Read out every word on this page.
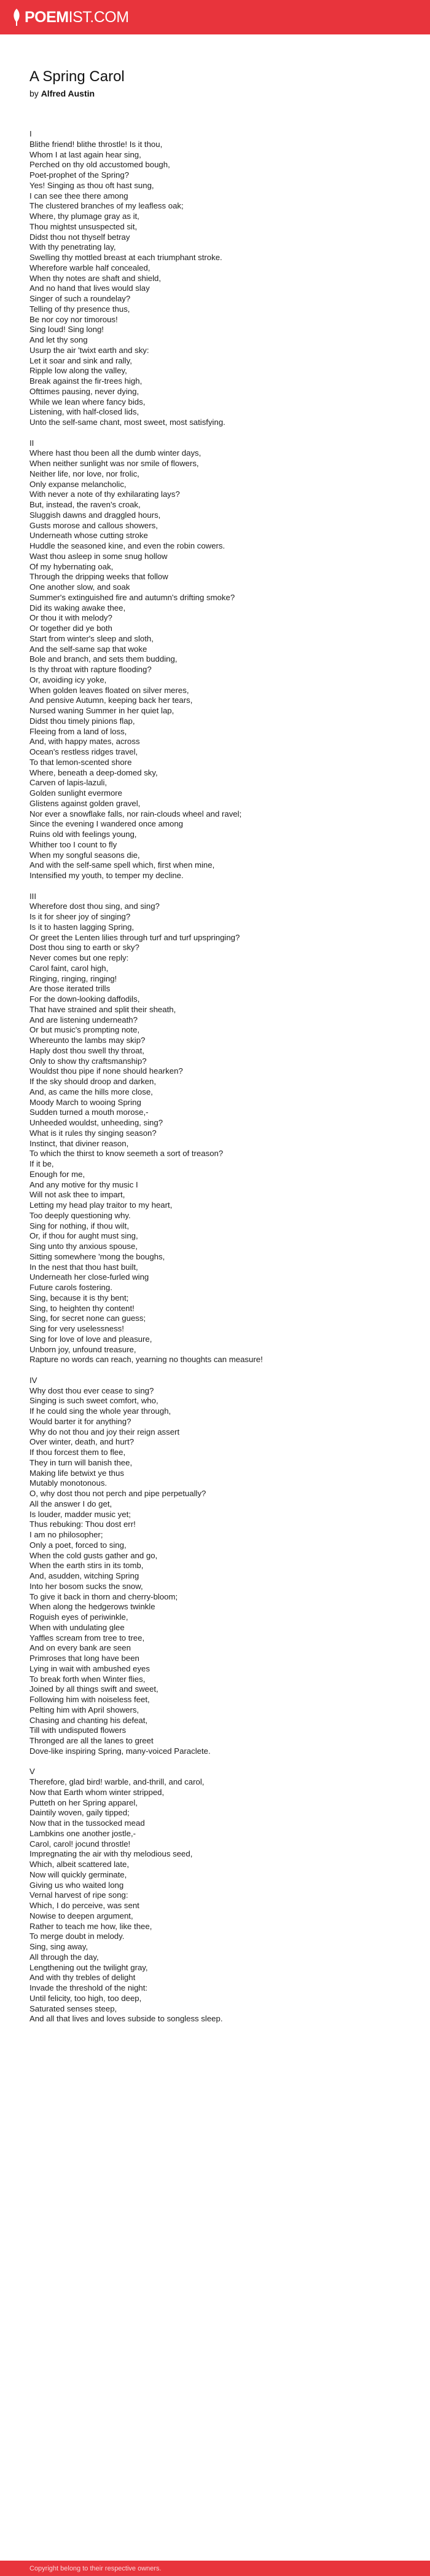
POEM IST.COM
A Spring Carol
by Alfred Austin
I
Blithe friend! blithe throstle! Is it thou,
Whom I at last again hear sing,
Perched on thy old accustomed bough,
Poet-prophet of the Spring?
Yes! Singing as thou oft hast sung,
I can see thee there among
The clustered branches of my leafless oak;
Where, thy plumage gray as it,
Thou mightst unsuspected sit,
Didst thou not thyself betray
With thy penetrating lay,
Swelling thy mottled breast at each triumphant stroke.
Wherefore warble half concealed,
When thy notes are shaft and shield,
And no hand that lives would slay
Singer of such a roundelay?
Telling of thy presence thus,
Be nor coy nor timorous!
Sing loud! Sing long!
And let thy song
Usurp the air 'twixt earth and sky:
Let it soar and sink and rally,
Ripple low along the valley,
Break against the fir-trees high,
Ofttimes pausing, never dying,
While we lean where fancy bids,
Listening, with half-closed lids,
Unto the self-same chant, most sweet, most satisfying.
II
Where hast thou been all the dumb winter days,
When neither sunlight was nor smile of flowers,
Neither life, nor love, nor frolic,
Only expanse melancholic,
With never a note of thy exhilarating lays?
But, instead, the raven's croak,
Sluggish dawns and draggled hours,
Gusts morose and callous showers,
Underneath whose cutting stroke
Huddle the seasoned kine, and even the robin cowers.
Wast thou asleep in some snug hollow
Of my hybernating oak,
Through the dripping weeks that follow
One another slow, and soak
Summer's extinguished fire and autumn's drifting smoke?
Did its waking awake thee,
Or thou it with melody?
Or together did ye both
Start from winter's sleep and sloth,
And the self-same sap that woke
Bole and branch, and sets them budding,
Is thy throat with rapture flooding?
Or, avoiding icy yoke,
When golden leaves floated on silver meres,
And pensive Autumn, keeping back her tears,
Nursed waning Summer in her quiet lap,
Didst thou timely pinions flap,
Fleeing from a land of loss,
And, with happy mates, across
Ocean's restless ridges travel,
To that lemon-scented shore
Where, beneath a deep-domed sky,
Carven of lapis-lazuli,
Golden sunlight evermore
Glistens against golden gravel,
Nor ever a snowflake falls, nor rain-clouds wheel and ravel;
Since the evening I wandered once among
Ruins old with feelings young,
Whither too I count to fly
When my songful seasons die,
And with the self-same spell which, first when mine,
Intensified my youth, to temper my decline.
III
Wherefore dost thou sing, and sing?
Is it for sheer joy of singing?
Is it to hasten lagging Spring,
Or greet the Lenten lilies through turf and turf upspringing?
Dost thou sing to earth or sky?
Never comes but one reply:
Carol faint, carol high,
Ringing, ringing, ringing!
Are those iterated trills
For the down-looking daffodils,
That have strained and split their sheath,
And are listening underneath?
Or but music's prompting note,
Whereunto the lambs may skip?
Haply dost thou swell thy throat,
Only to show thy craftsmanship?
Wouldst thou pipe if none should hearken?
If the sky should droop and darken,
And, as came the hills more close,
Moody March to wooing Spring
Sudden turned a mouth morose,-
Unheeded wouldst, unheeding, sing?
What is it rules thy singing season?
Instinct, that diviner reason,
To which the thirst to know seemeth a sort of treason?
If it be,
Enough for me,
And any motive for thy music I
Will not ask thee to impart,
Letting my head play traitor to my heart,
Too deeply questioning why.
Sing for nothing, if thou wilt,
Or, if thou for aught must sing,
Sing unto thy anxious spouse,
Sitting somewhere 'mong the boughs,
In the nest that thou hast built,
Underneath her close-furled wing
Future carols fostering.
Sing, because it is thy bent;
Sing, to heighten thy content!
Sing, for secret none can guess;
Sing for very uselessness!
Sing for love of love and pleasure,
Unborn joy, unfound treasure,
Rapture no words can reach, yearning no thoughts can measure!
IV
Why dost thou ever cease to sing?
Singing is such sweet comfort, who,
If he could sing the whole year through,
Would barter it for anything?
Why do not thou and joy their reign assert
Over winter, death, and hurt?
If thou forcest them to flee,
They in turn will banish thee,
Making life betwixt ye thus
Mutably monotonous.
O, why dost thou not perch and pipe perpetually?
All the answer I do get,
Is louder, madder music yet;
Thus rebuking: Thou dost err!
I am no philosopher;
Only a poet, forced to sing,
When the cold gusts gather and go,
When the earth stirs in its tomb,
And, asudden, witching Spring
Into her bosom sucks the snow,
To give it back in thorn and cherry-bloom;
When along the hedgerows twinkle
Roguish eyes of periwinkle,
When with undulating glee
Yaffles scream from tree to tree,
And on every bank are seen
Primroses that long have been
Lying in wait with ambushed eyes
To break forth when Winter flies,
Joined by all things swift and sweet,
Following him with noiseless feet,
Pelting him with April showers,
Chasing and chanting his defeat,
Till with undisputed flowers
Thronged are all the lanes to greet
Dove-like inspiring Spring, many-voiced Paraclete.
V
Therefore, glad bird! warble, and-thrill, and carol,
Now that Earth whom winter stripped,
Putteth on her Spring apparel,
Daintily woven, gaily tipped;
Now that in the tussocked mead
Lambkins one another jostle,-
Carol, carol! jocund throstle!
Impregnating the air with thy melodious seed,
Which, albeit scattered late,
Now will quickly germinate,
Giving us who waited long
Vernal harvest of ripe song:
Which, I do perceive, was sent
Nowise to deepen argument,
Rather to teach me how, like thee,
To merge doubt in melody.
Sing, sing away,
All through the day,
Lengthening out the twilight gray,
And with thy trebles of delight
Invade the threshold of the night:
Until felicity, too high, too deep,
Saturated senses steep,
And all that lives and loves subside to songless sleep.
Copyright belong to their respective owners.
